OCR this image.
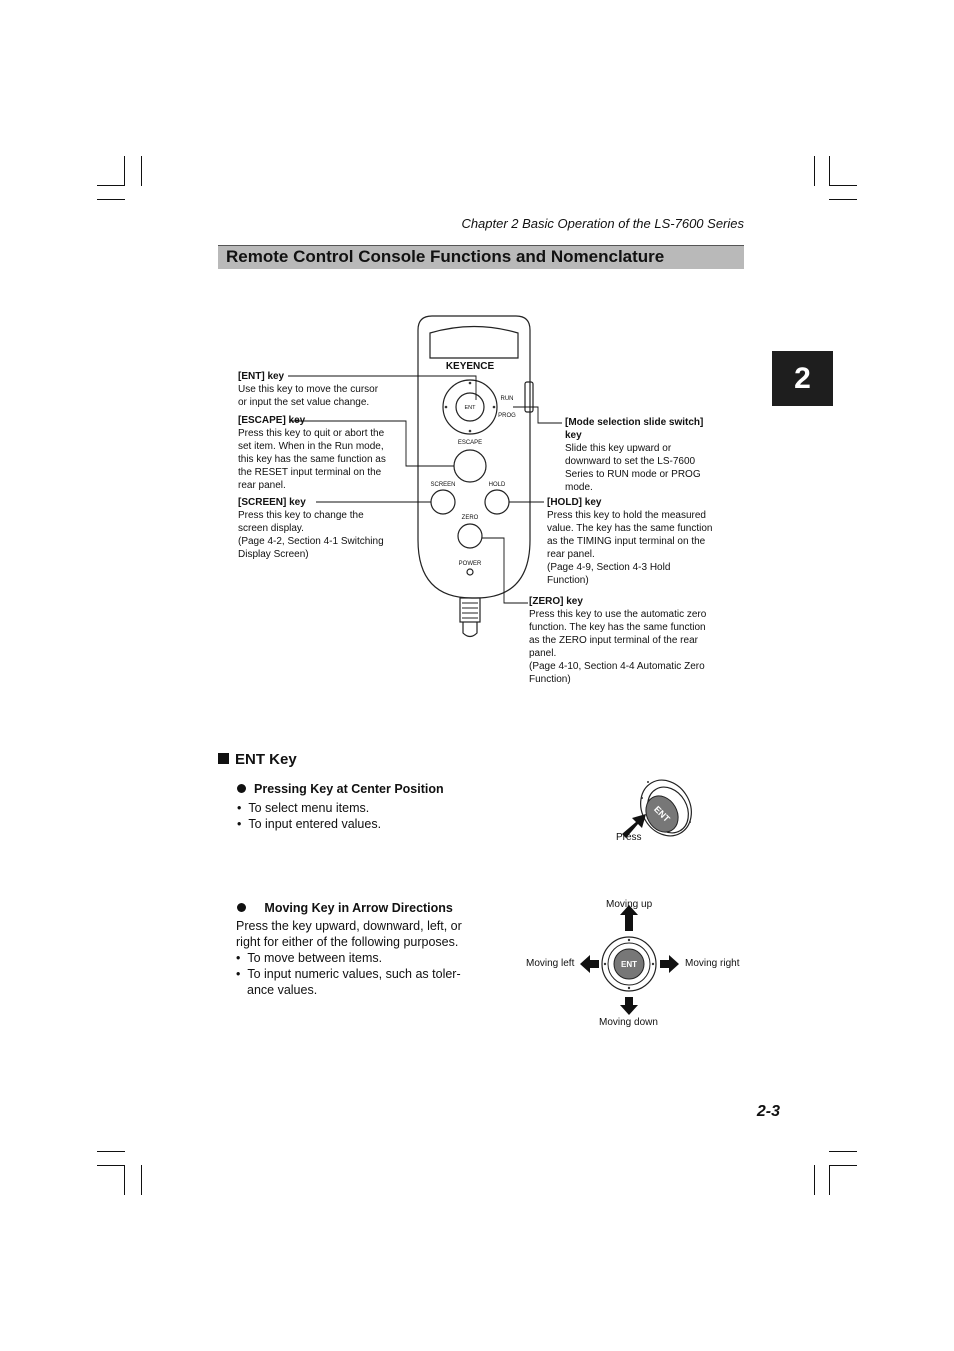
Chapter 2 Basic Operation of the LS-7600 Series
Remote Control Console Functions and Nomenclature
2
KEYENCE
ENT
ESCAPE
SCREEN	HOLD
ZERO
POWER
RUN
PROG
[ENT] key
Use this key to move the cursor
or input the set value change.
[ESCAPE] key
Press this key to quit or abort the
set item. When in the Run mode,
this key has the same function as
the RESET input terminal on the
rear panel.
[SCREEN] key
Press this key to change the
screen display.
(Page 4-2, Section 4-1 Switching
Display Screen)
[Mode selection slide switch]
key
Slide this key upward or
downward to set the LS-7600
Series to RUN mode or PROG
mode.
[HOLD] key
Press this key to hold the measured
value. The key has the same function
as the TIMING input terminal on the
rear panel.
(Page 4-9, Section 4-3 Hold
Function)
[ZERO] key
Press this key to use the automatic zero
function. The key has the same function
as the ZERO input terminal of the rear
panel.
(Page 4-10, Section 4-4 Automatic Zero
Function)
ENT Key
Pressing Key at Center Position
•  To select menu items.
•  To input entered values.
ENT
Press
Moving Key in Arrow Directions
Press the key upward, downward, left, or
right for either of the following purposes.
•  To move between items.
•  To input numeric values, such as toler-
ance values.
ENT
Moving up
Moving left	Moving right
Moving down
2-3
